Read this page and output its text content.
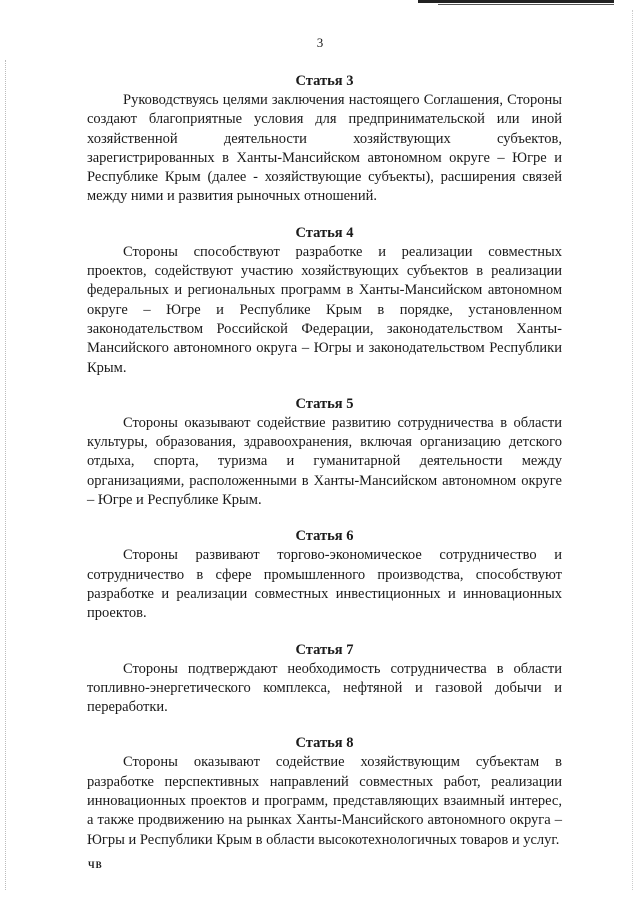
3

Статья 3

Руководствуясь целями заключения настоящего Соглашения, Стороны создают благоприятные условия для предпринимательской или иной хозяйственной деятельности хозяйствующих субъектов, зарегистрированных в Ханты-Мансийском автономном округе – Югре и Республике Крым (далее - хозяйствующие субъекты), расширения связей между ними и развития рыночных отношений.

Статья 4

Стороны способствуют разработке и реализации совместных проектов, содействуют участию хозяйствующих субъектов в реализации федеральных и региональных программ в Ханты-Мансийском автономном округе – Югре и Республике Крым в порядке, установленном законодательством Российской Федерации, законодательством Ханты-Мансийского автономного округа – Югры и законодательством Республики Крым.

Статья 5

Стороны оказывают содействие развитию сотрудничества в области культуры, образования, здравоохранения, включая организацию детского отдыха, спорта, туризма и гуманитарной деятельности между организациями, расположенными в Ханты-Мансийском автономном округе – Югре и Республике Крым.

Статья 6

Стороны развивают торгово-экономическое сотрудничество и сотрудничество в сфере промышленного производства, способствуют разработке и реализации совместных инвестиционных и инновационных проектов.

Статья 7

Стороны подтверждают необходимость сотрудничества в области топливно-энергетического комплекса, нефтяной и газовой добычи и переработки.

Статья 8

Стороны оказывают содействие хозяйствующим субъектам в разработке перспективных направлений совместных работ, реализации инновационных проектов и программ, представляющих взаимный интерес, а также продвижению на рынках Ханты-Мансийского автономного округа – Югры и Республики Крым в области высокотехнологичных товаров и услуг.

ЧВ
